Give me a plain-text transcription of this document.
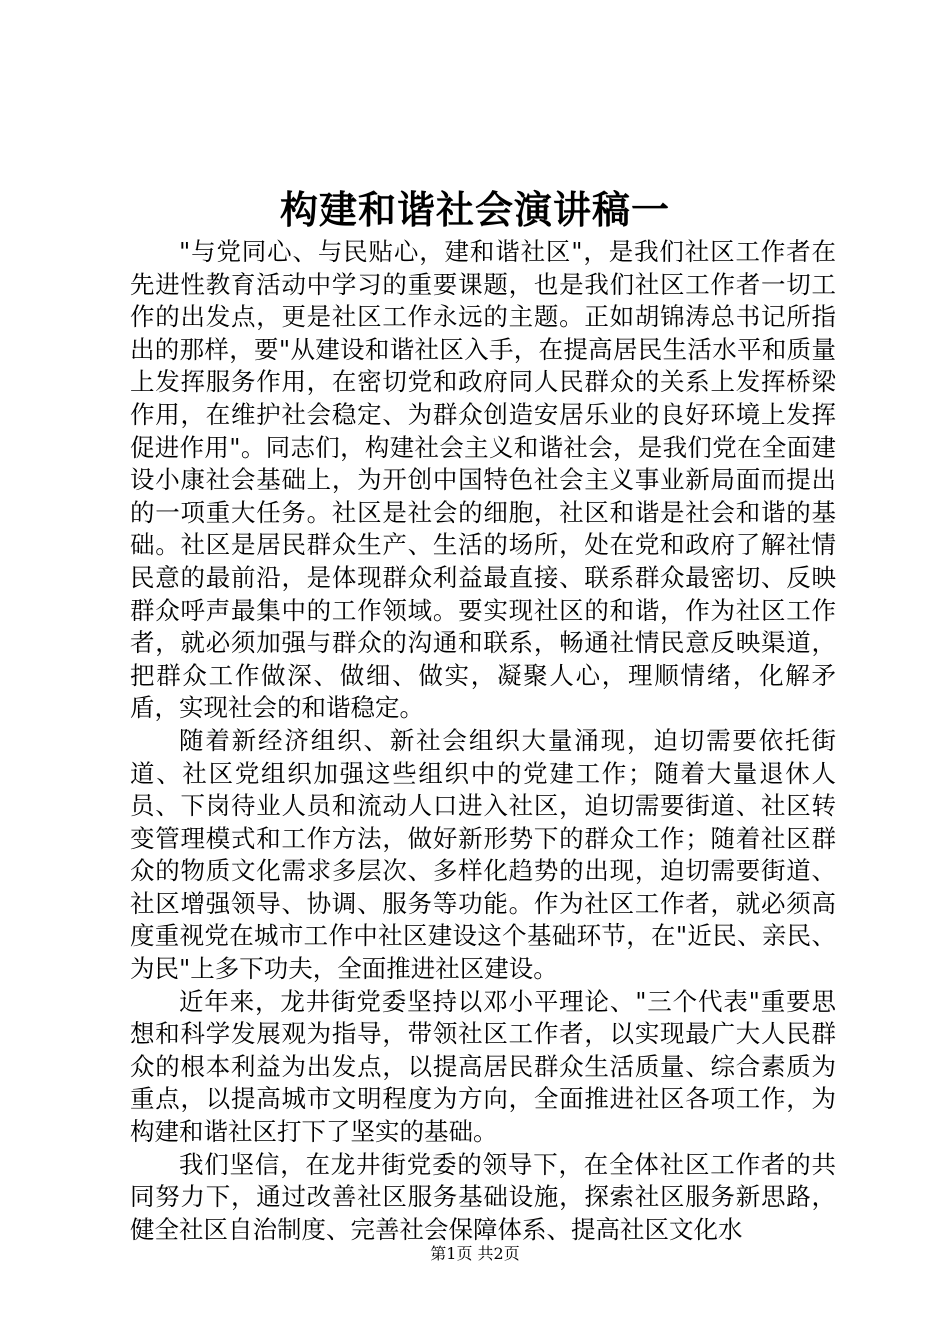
构建和谐社会演讲稿一

"与党同心、与民贴心，建和谐社区"，是我们社区工作者在先进性教育活动中学习的重要课题，也是我们社区工作者一切工作的出发点，更是社区工作永远的主题。正如胡锦涛总书记所指出的那样，要"从建设和谐社区入手，在提高居民生活水平和质量上发挥服务作用，在密切党和政府同人民群众的关系上发挥桥梁作用，在维护社会稳定、为群众创造安居乐业的良好环境上发挥促进作用"。同志们，构建社会主义和谐社会，是我们党在全面建设小康社会基础上，为开创中国特色社会主义事业新局面而提出的一项重大任务。社区是社会的细胞，社区和谐是社会和谐的基础。社区是居民群众生产、生活的场所，处在党和政府了解社情民意的最前沿，是体现群众利益最直接、联系群众最密切、反映群众呼声最集中的工作领域。要实现社区的和谐，作为社区工作者，就必须加强与群众的沟通和联系，畅通社情民意反映渠道，把群众工作做深、做细、做实，凝聚人心，理顺情绪，化解矛盾，实现社会的和谐稳定。

随着新经济组织、新社会组织大量涌现，迫切需要依托街道、社区党组织加强这些组织中的党建工作；随着大量退休人员、下岗待业人员和流动人口进入社区，迫切需要街道、社区转变管理模式和工作方法，做好新形势下的群众工作；随着社区群众的物质文化需求多层次、多样化趋势的出现，迫切需要街道、社区增强领导、协调、服务等功能。作为社区工作者，就必须高度重视党在城市工作中社区建设这个基础环节，在"近民、亲民、为民"上多下功夫，全面推进社区建设。

近年来，龙井街党委坚持以邓小平理论、"三个代表"重要思想和科学发展观为指导，带领社区工作者，以实现最广大人民群众的根本利益为出发点，以提高居民群众生活质量、综合素质为重点，以提高城市文明程度为方向，全面推进社区各项工作，为构建和谐社区打下了坚实的基础。

我们坚信，在龙井街党委的领导下，在全体社区工作者的共同努力下，通过改善社区服务基础设施，探索社区服务新思路，健全社区自治制度、完善社会保障体系、提高社区文化水

第1页 共2页
